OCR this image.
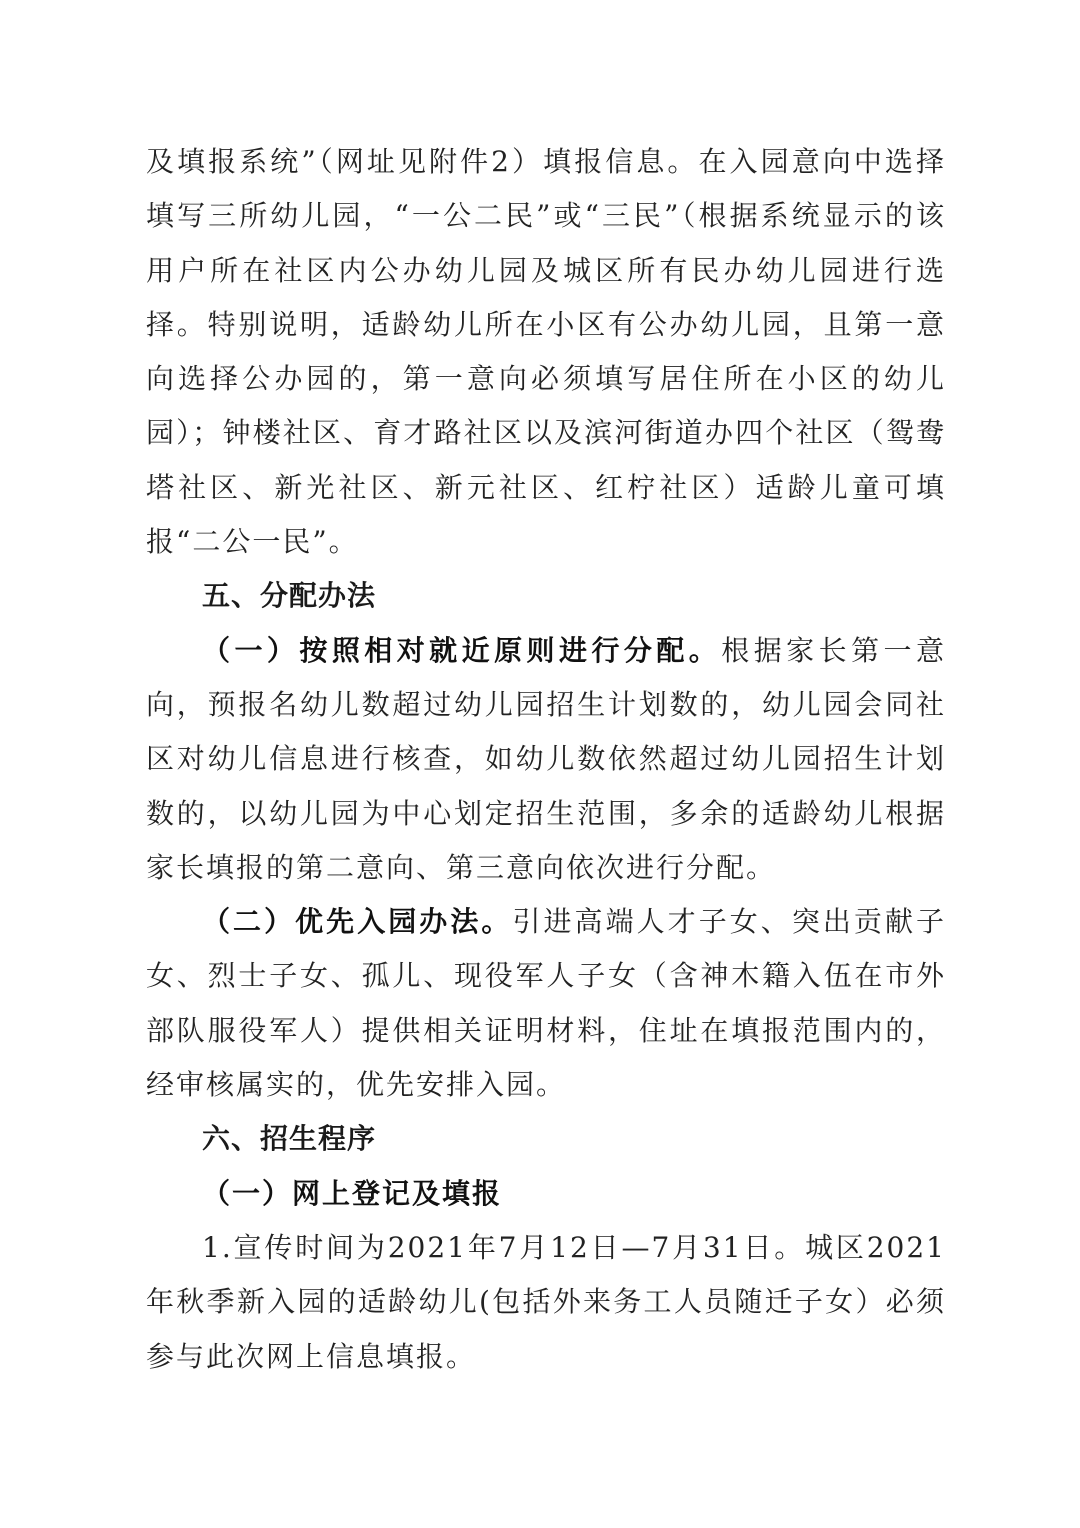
及填报系统”（网址见附件2）填报信息。在入园意向中选择填写三所幼儿园，“一公二民”或“三民”（根据系统显示的该用户所在社区内公办幼儿园及城区所有民办幼儿园进行选择。特别说明，适龄幼儿所在小区有公办幼儿园，且第一意向选择公办园的，第一意向必须填写居住所在小区的幼儿园）；钟楼社区、育才路社区以及滨河街道办四个社区（鸳鸯塔社区、新光社区、新元社区、红柠社区）适龄儿童可填报“二公一民”。

五、分配办法

（一）按照相对就近原则进行分配。根据家长第一意向，预报名幼儿数超过幼儿园招生计划数的，幼儿园会同社区对幼儿信息进行核查，如幼儿数依然超过幼儿园招生计划数的，以幼儿园为中心划定招生范围，多余的适龄幼儿根据家长填报的第二意向、第三意向依次进行分配。

（二）优先入园办法。引进高端人才子女、突出贡献子女、烈士子女、孤儿、现役军人子女（含神木籍入伍在市外部队服役军人）提供相关证明材料，住址在填报范围内的，经审核属实的，优先安排入园。

六、招生程序

（一）网上登记及填报

1.宣传时间为2021年7月12日—7月31日。城区2021年秋季新入园的适龄幼儿(包括外来务工人员随迁子女）必须参与此次网上信息填报。
